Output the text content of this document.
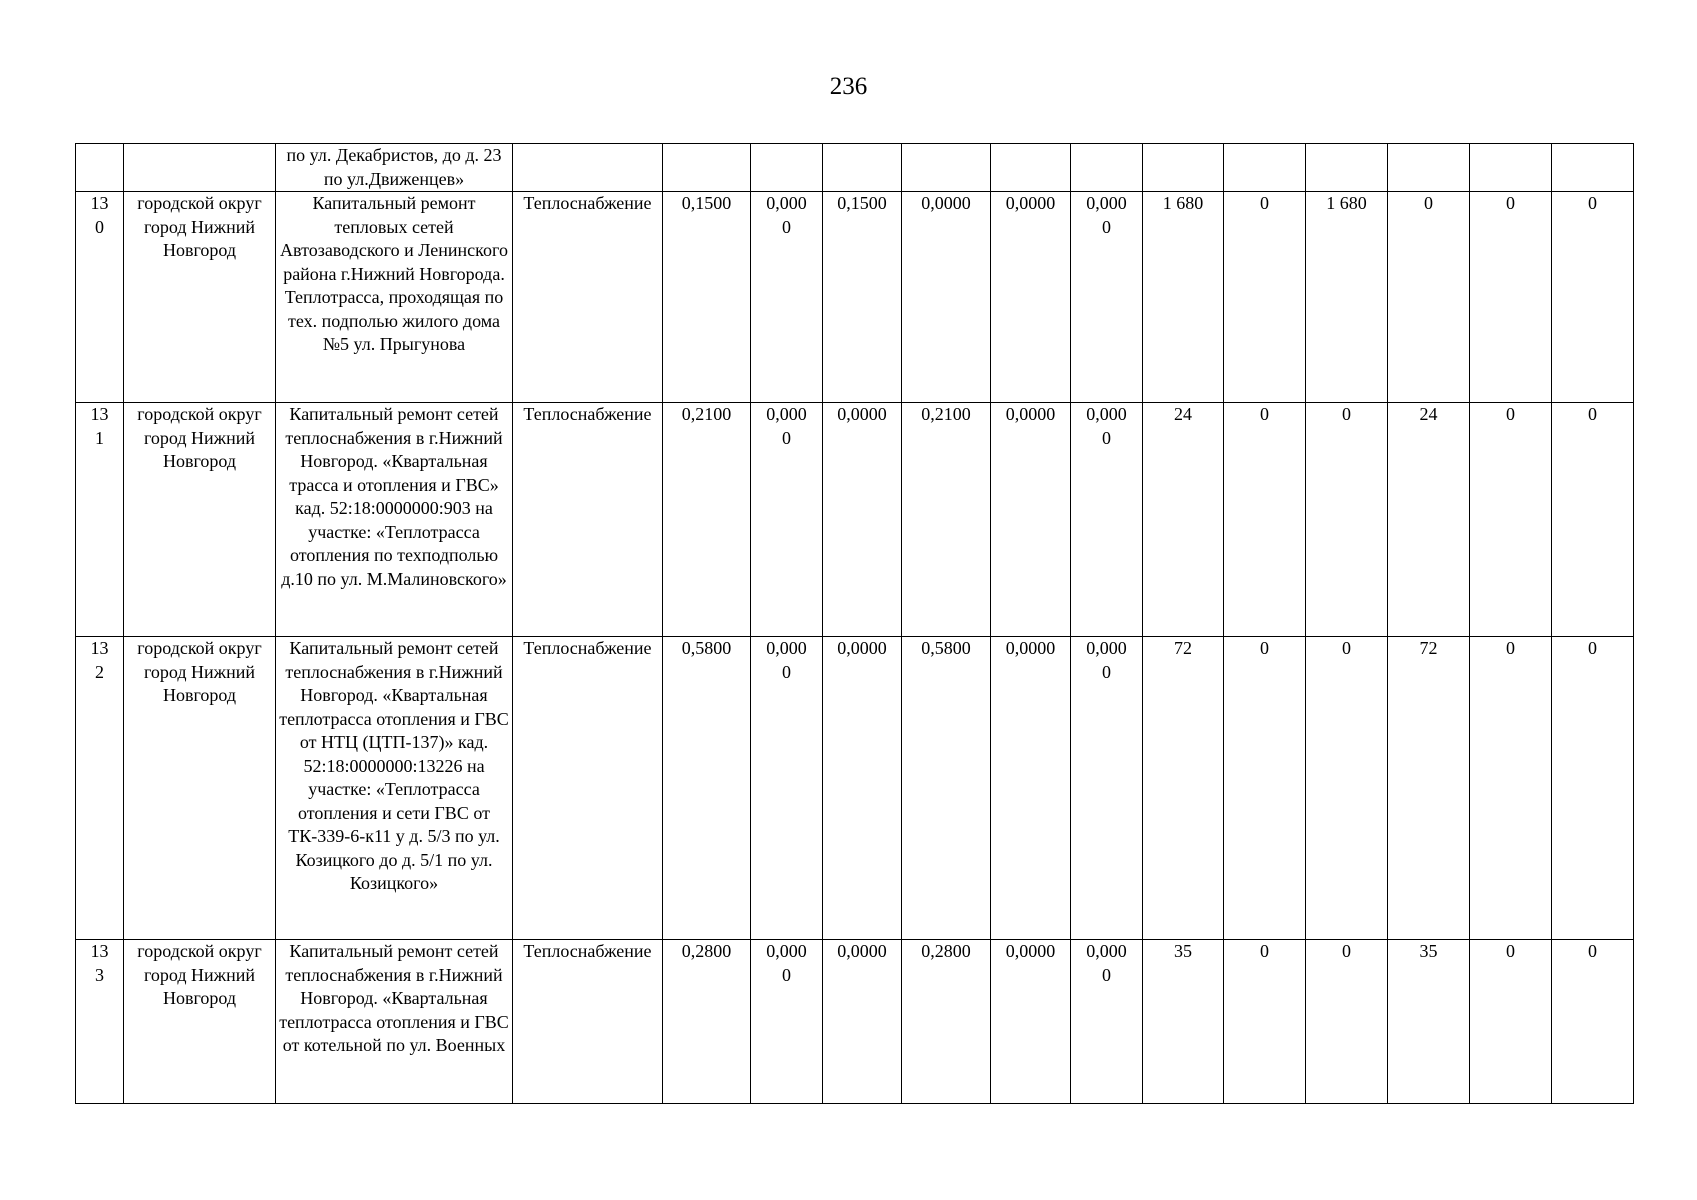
236
		по ул. Декабристов, до д. 23 по ул.Движенцев»			

130	городской округ город Нижний Новгород	Капитальный ремонт тепловых сетей Автозаводского и Ленинского района г.Нижний Новгорода. Теплотрасса, проходящая по тех. подполью жилого дома №5 ул. Прыгунова	Теплоснабжение	0,1500	0,0000	0,1500	0,0000	0,0000	0,0000	1 680	0	1 680	0	0	0

131	городской округ город Нижний Новгород	Капитальный ремонт сетей теплоснабжения в г.Нижний Новгород. «Квартальная трасса и отопления и ГВС» кад. 52:18:0000000:903 на участке: «Теплотрасса отопления по техподполью д.10 по ул. М.Малиновского»	Теплоснабжение	0,2100	0,0000	0,0000	0,2100	0,0000	0,0000	24	0	0	24	0	0

132	городской округ город Нижний Новгород	Капитальный ремонт сетей теплоснабжения в г.Нижний Новгород. «Квартальная теплотрасса отопления и ГВС от НТЦ (ЦТП-137)» кад. 52:18:0000000:13226 на участке: «Теплотрасса отопления и сети ГВС от ТК-339-6-к11 у д. 5/3 по ул. Козицкого до д. 5/1 по ул. Козицкого»	Теплоснабжение	0,5800	0,0000	0,0000	0,5800	0,0000	0,0000	72	0	0	72	0	0

133	городской округ город Нижний Новгород	Капитальный ремонт сетей теплоснабжения в г.Нижний Новгород. «Квартальная теплотрасса отопления и ГВС от котельной по ул. Военных	Теплоснабжение	0,2800	0,0000	0,0000	0,2800	0,0000	0,0000	35	0	0	35	0	0
